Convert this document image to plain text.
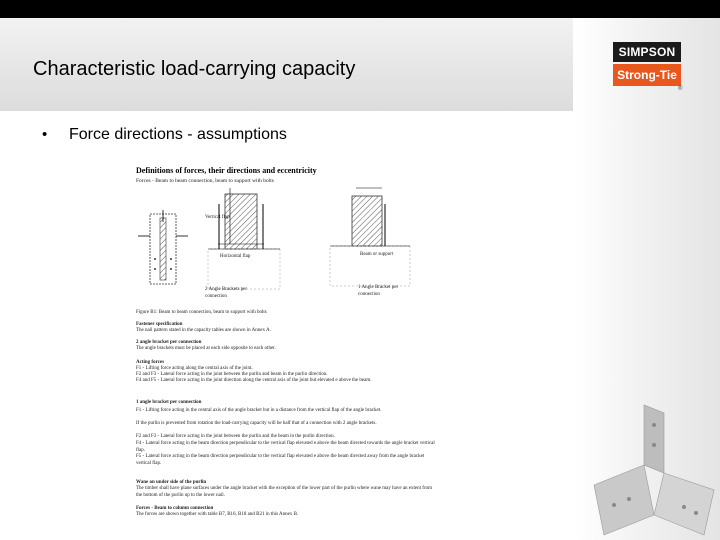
Characteristic load-carrying capacity
• Force directions - assumptions
SIMPSON
Strong-Tie
®
Definitions of forces, their directions and eccentricity
Forces - Beam to beam connection, beam to support with bolts
Vertical flap
Horizontal flap	Beam or support
2 Angle Brackets per connection
1 Angle Bracket per connection
Figure B1: Beam to beam connection, beam to support with bolts
Fastener specification
The nail pattern stated in the capacity tables are shown in Annex A.
2 angle bracket per connection
The angle brackets must be placed at each side opposite to each other.
Acting forces
F1 - Lifting force acting along the central axis of the joint.
F2 and F3 - Lateral force acting in the joint between the purlin and beam in the purlin direction.
F4 and F5 - Lateral force acting in the joint direction along the central axis of the joint but elevated e above the beam.
1 angle bracket per connection
F1 - Lifting force acting in the central axis of the angle bracket but in a distance from the vertical flap of the angle bracket.
If the purlin is prevented from rotation the load-carrying capacity will be half that of a connection with 2 angle brackets.
F2 and F3 - Lateral force acting in the joint between the purlin and the beam in the purlin direction.
F4 - Lateral force acting in the beam direction perpendicular to the vertical flap elevated e above the beam directed towards the angle bracket vertical flap.
F5 - Lateral force acting in the beam direction perpendicular to the vertical flap elevated e above the beam directed away from the angle bracket vertical flap.
Wane on under side of the purlin
The timber shall have plane surfaces under the angle bracket with the exception of the lower part of the purlin where wane may have an extent from the bottom of the purlin up to the lower nail.
Forces - Beam to column connection
The forces are shown together with table B7, B16, B18 and B21 in this Annex B.
